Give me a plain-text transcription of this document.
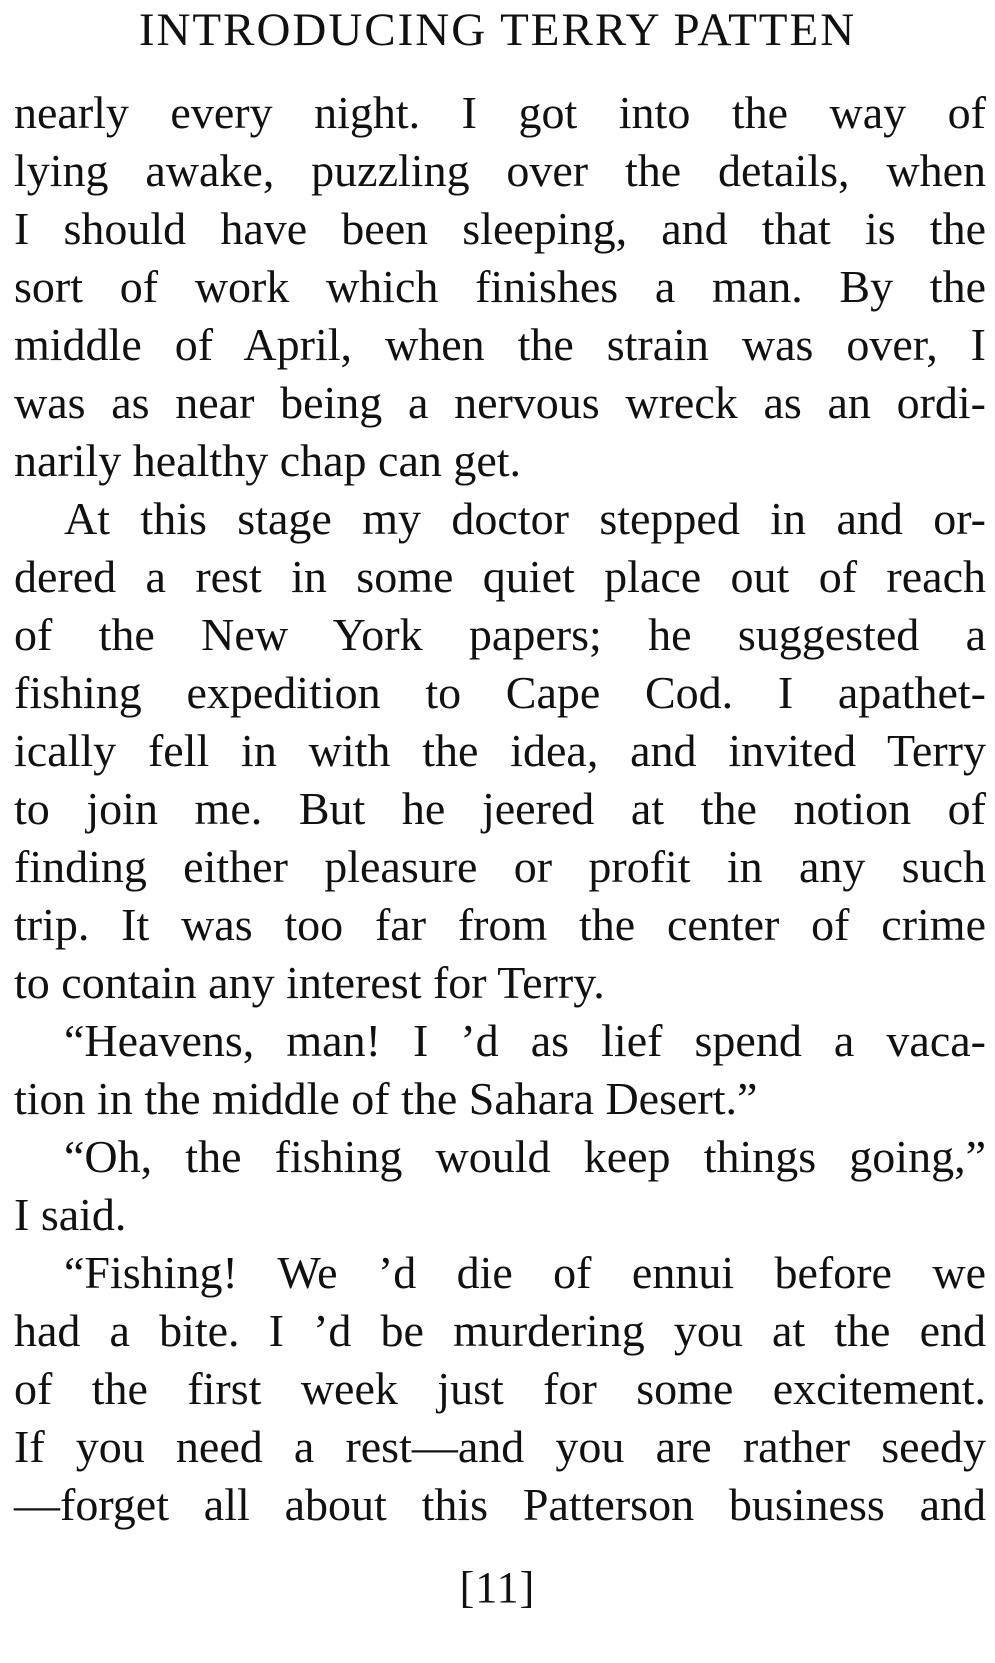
INTRODUCING TERRY PATTEN
nearly every night. I got into the way of
lying awake, puzzling over the details, when
I should have been sleeping, and that is the
sort of work which finishes a man. By the
middle of April, when the strain was over, I
was as near being a nervous wreck as an ordi-
narily healthy chap can get.
At this stage my doctor stepped in and or-
dered a rest in some quiet place out of reach
of the New York papers; he suggested a
fishing expedition to Cape Cod. I apathet-
ically fell in with the idea, and invited Terry
to join me. But he jeered at the notion of
finding either pleasure or profit in any such
trip. It was too far from the center of crime
to contain any interest for Terry.
“Heavens, man! I ’d as lief spend a vaca-
tion in the middle of the Sahara Desert.”
“Oh, the fishing would keep things going,”
I said.
“Fishing! We ’d die of ennui before we
had a bite. I ’d be murdering you at the end
of the first week just for some excitement.
If you need a rest—and you are rather seedy
—forget all about this Patterson business and
[11]
